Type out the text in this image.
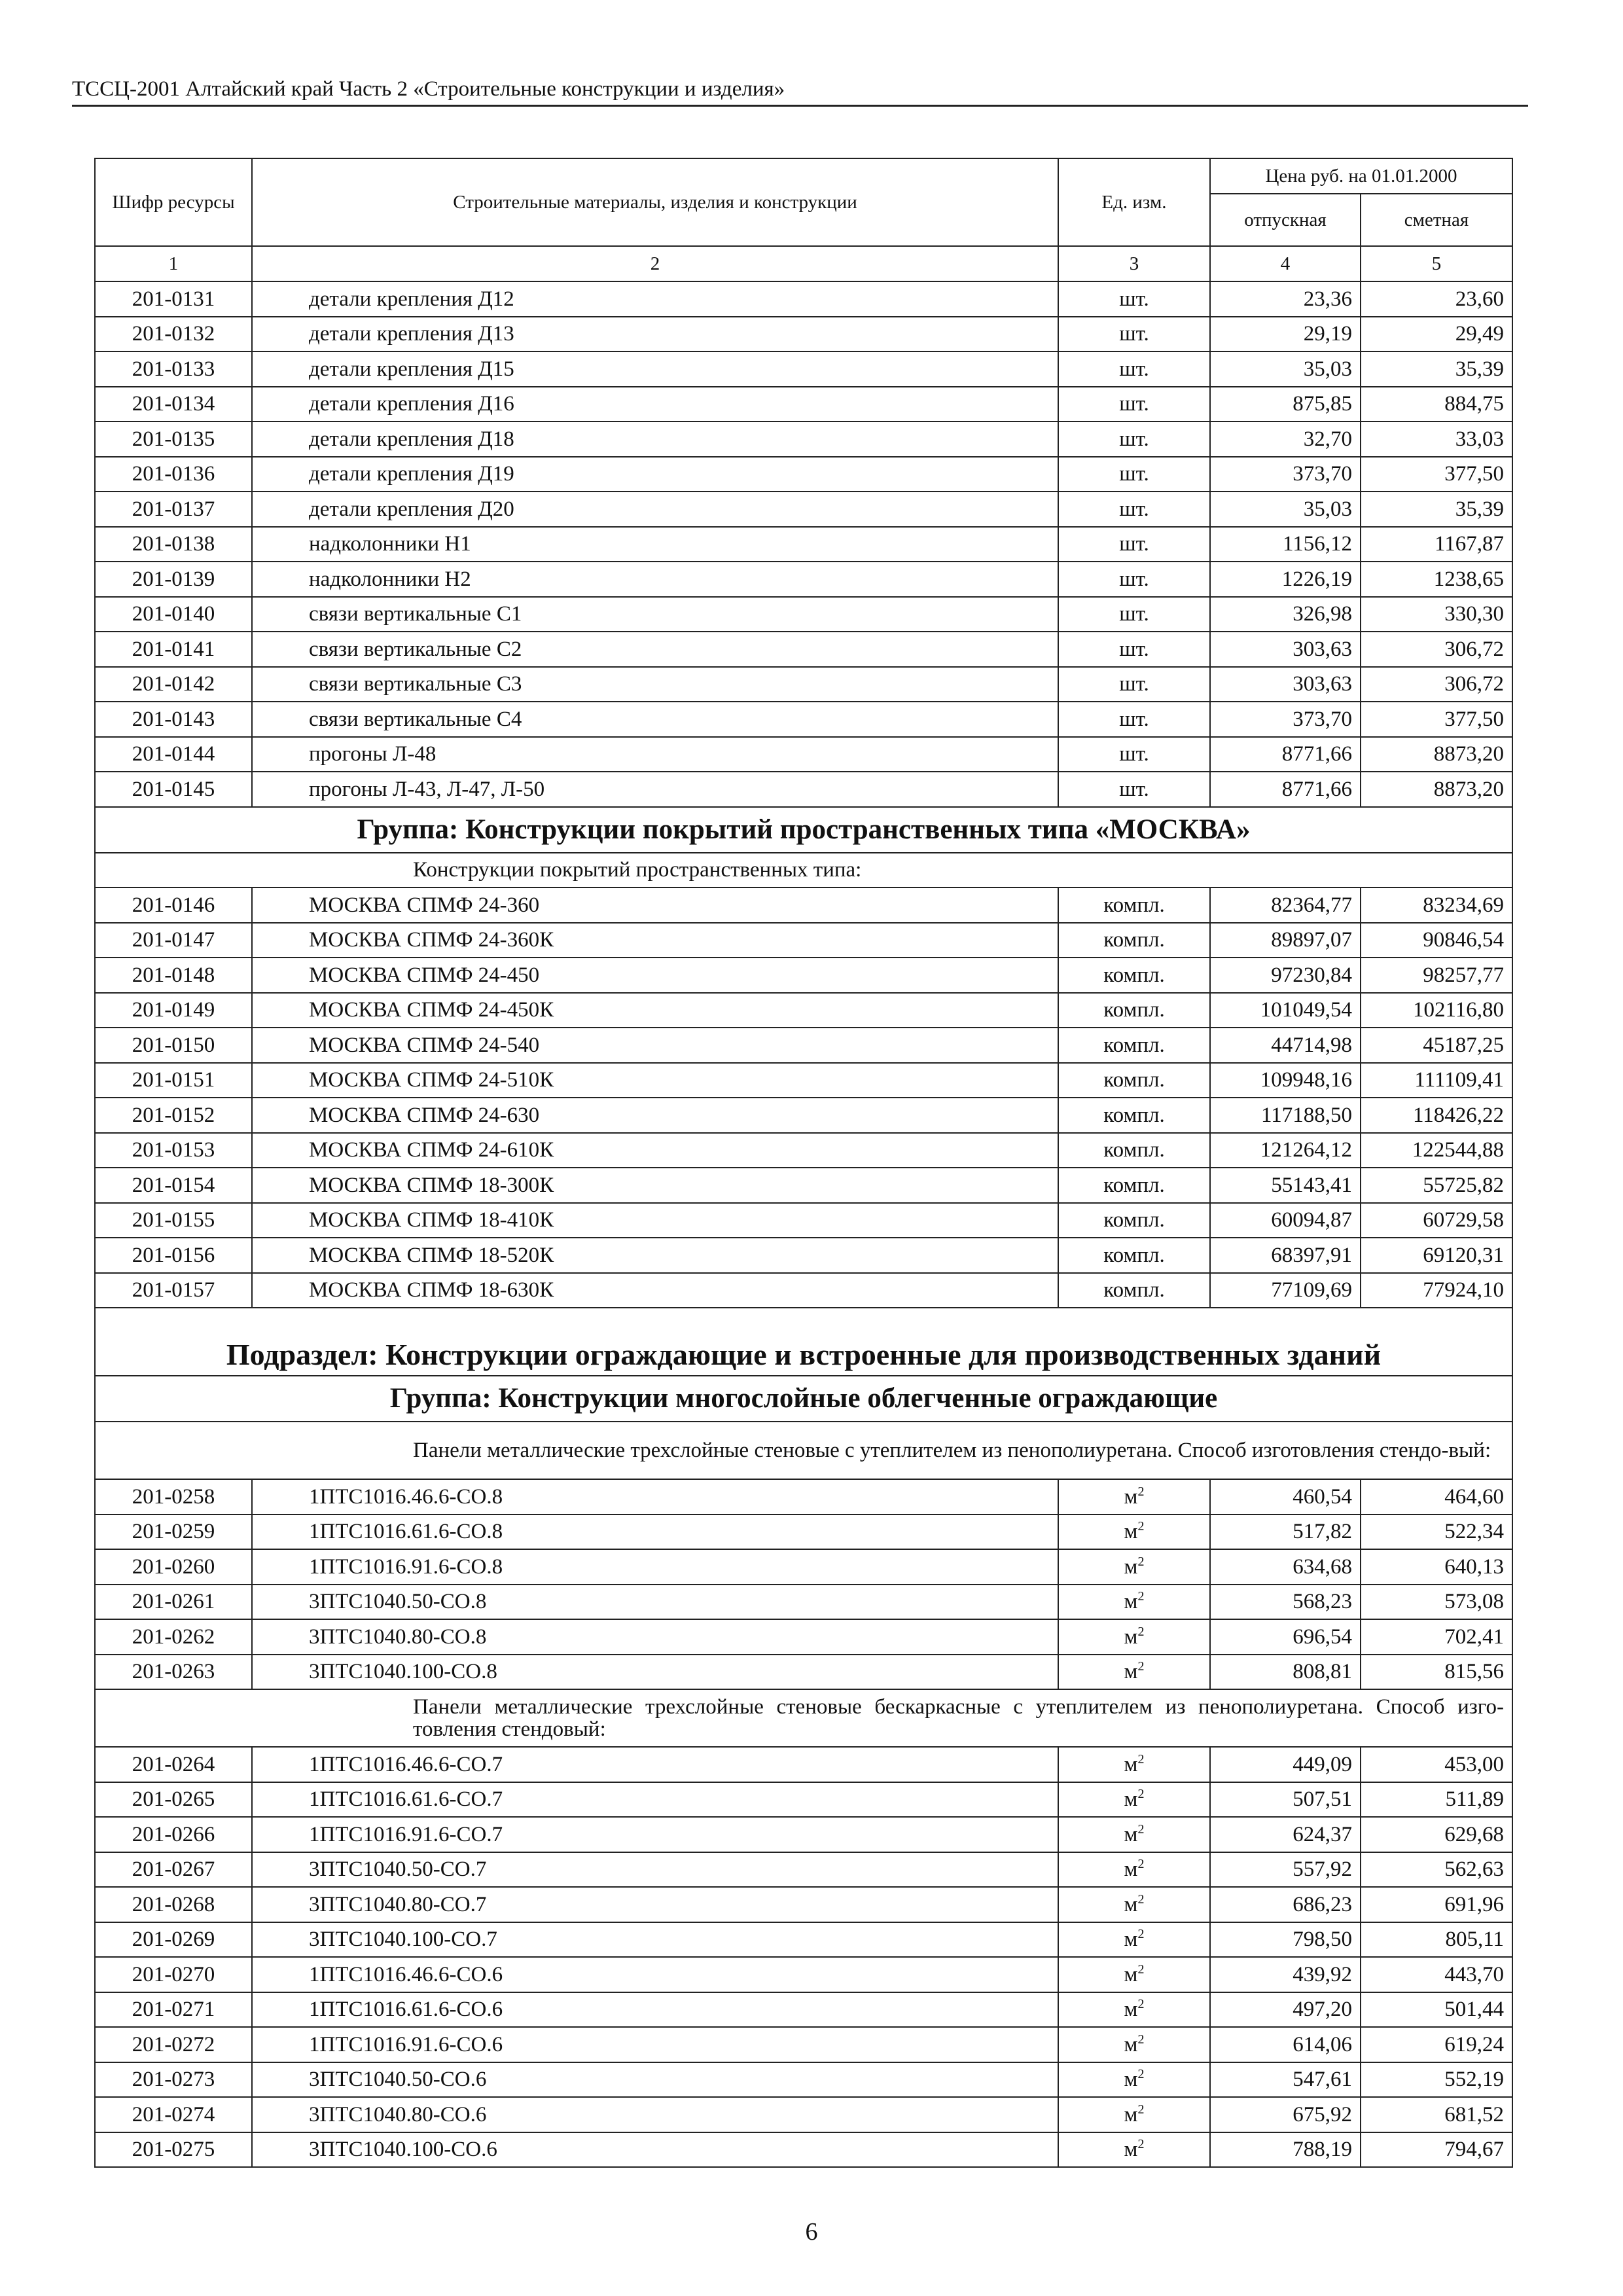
ТССЦ-2001 Алтайский край Часть 2 «Строительные конструкции и изделия»
Шифр ресурсы	Строительные материалы, изделия и конструкции	Ед. изм.	Цена руб. на 01.01.2000	
			отпускная	сметная
1	2	3	4	5
201-0131	детали крепления Д12	шт.	23,36	23,60
201-0132	детали крепления Д13	шт.	29,19	29,49
201-0133	детали крепления Д15	шт.	35,03	35,39
201-0134	детали крепления Д16	шт.	875,85	884,75
201-0135	детали крепления Д18	шт.	32,70	33,03
201-0136	детали крепления Д19	шт.	373,70	377,50
201-0137	детали крепления Д20	шт.	35,03	35,39
201-0138	надколонники Н1	шт.	1156,12	1167,87
201-0139	надколонники Н2	шт.	1226,19	1238,65
201-0140	связи вертикальные С1	шт.	326,98	330,30
201-0141	связи вертикальные С2	шт.	303,63	306,72
201-0142	связи вертикальные С3	шт.	303,63	306,72
201-0143	связи вертикальные С4	шт.	373,70	377,50
201-0144	прогоны Л-48	шт.	8771,66	8873,20
201-0145	прогоны Л-43, Л-47, Л-50	шт.	8771,66	8873,20
Группа: Конструкции покрытий пространственных типа «МОСКВА»				
	Конструкции покрытий пространственных типа:			
201-0146	МОСКВА СПМФ 24-360	компл.	82364,77	83234,69
201-0147	МОСКВА СПМФ 24-360К	компл.	89897,07	90846,54
201-0148	МОСКВА СПМФ 24-450	компл.	97230,84	98257,77
201-0149	МОСКВА СПМФ 24-450К	компл.	101049,54	102116,80
201-0150	МОСКВА СПМФ 24-540	компл.	44714,98	45187,25
201-0151	МОСКВА СПМФ 24-510К	компл.	109948,16	111109,41
201-0152	МОСКВА СПМФ 24-630	компл.	117188,50	118426,22
201-0153	МОСКВА СПМФ 24-610К	компл.	121264,12	122544,88
201-0154	МОСКВА СПМФ 18-300К	компл.	55143,41	55725,82
201-0155	МОСКВА СПМФ 18-410К	компл.	60094,87	60729,58
201-0156	МОСКВА СПМФ 18-520К	компл.	68397,91	69120,31
201-0157	МОСКВА СПМФ 18-630К	компл.	77109,69	77924,10
Подраздел: Конструкции ограждающие и встроенные для производственных зданий				
Группа: Конструкции многослойные облегченные ограждающие				
	Панели металлические трехслойные стеновые с утеплителем из пенополиуретана. Способ изготовления стендо-вый:			
201-0258	1ПТС1016.46.6-СО.8	$м^2$	460,54	464,60
201-0259	1ПТС1016.61.6-СО.8	$м^2$	517,82	522,34
201-0260	1ПТС1016.91.6-СО.8	$м^2$	634,68	640,13
201-0261	3ПТС1040.50-СО.8	$м^2$	568,23	573,08
201-0262	3ПТС1040.80-СО.8	$м^2$	696,54	702,41
201-0263	3ПТС1040.100-СО.8	$м^2$	808,81	815,56
	Панели металлические трехслойные стеновые бескаркасные с утеплителем из пенополиуретана. Способ изго-товления стендовый:			
201-0264	1ПТС1016.46.6-СО.7	$м^2$	449,09	453,00
201-0265	1ПТС1016.61.6-СО.7	$м^2$	507,51	511,89
201-0266	1ПТС1016.91.6-СО.7	$м^2$	624,37	629,68
201-0267	3ПТС1040.50-СО.7	$м^2$	557,92	562,63
201-0268	3ПТС1040.80-СО.7	$м^2$	686,23	691,96
201-0269	3ПТС1040.100-СО.7	$м^2$	798,50	805,11
201-0270	1ПТС1016.46.6-СО.6	$м^2$	439,92	443,70
201-0271	1ПТС1016.61.6-СО.6	$м^2$	497,20	501,44
201-0272	1ПТС1016.91.6-СО.6	$м^2$	614,06	619,24
201-0273	3ПТС1040.50-СО.6	$м^2$	547,61	552,19
201-0274	3ПТС1040.80-СО.6	$м^2$	675,92	681,52
201-0275	3ПТС1040.100-СО.6	$м^2$	788,19	794,67
6
